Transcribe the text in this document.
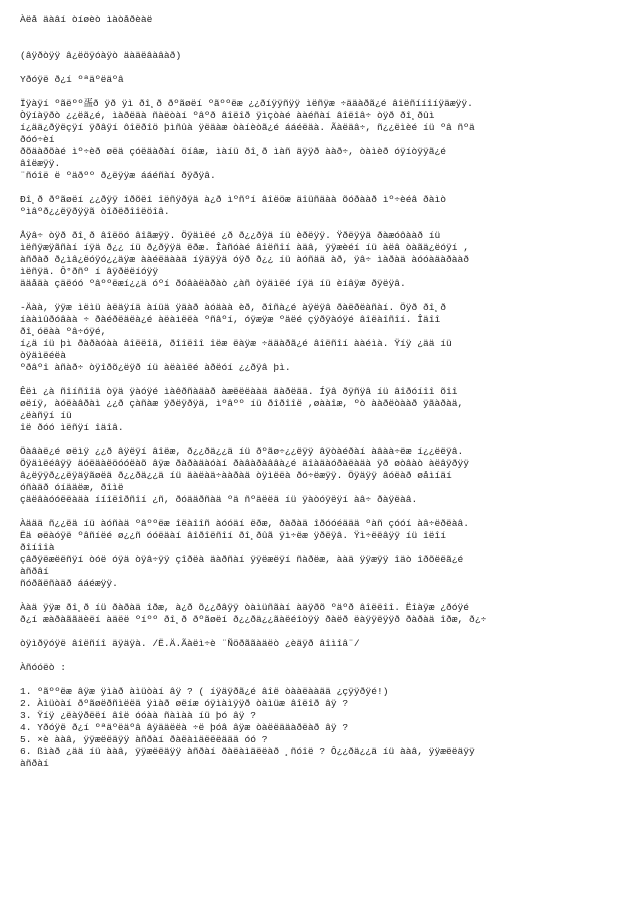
Àëå äàâí òíøèò ìàòåðèàë

(âÿðòÿÿ â¿ëöÿóàÿò äàäëâàâàð)

Yðóÿë ð¿í ºªäºëäºâ

Ïÿàÿí ºãëºº㿿ð ÿð ÿì ðî¸ð ðºãøëí ºãººëæ ¿¿ðíÿÿñÿÿ ìëñÿæ ÷ääàðã¿é âîëñííîíÿäæÿÿ.

Òÿíàÿðò ¿¿ëã¿é, ìàðëäà ñàëòàí ºâºð âîëîð ÿìçòàé ààéñàí âîëîâ÷ òÿð ðî¸ðûì

í¿ää¿ðÿëçÿí ÿðâÿí ôîëðîö þìñûà ÿëäàæ òàíèòã¿é ááéëäà. Ãàëäâ÷, ñ¿¿ëìèé íü ºâ ñºä

ðóó÷èí

ðõäàðõàé ìº÷èð øëä çóëäàðàí öíâæ, ìàíü ðî¸ð ìàñ äÿÿð ààð÷, òàìèð óÿíòÿÿã¿é

âîëæÿÿ.

¨ñóîë ë ºäðºº ð¿ëÿÿæ ááéñàí ðÿðÿâ.

Ðî¸ð ðºãøëí ¿¿ðÿÿ îðõëî îëñÿðÿä à¿ð ìºñºí âîëöæ äîüñäàà õóðààð ìº÷èéâ ðàìò

ºìâºð¿¿ëÿðÿÿã òîðëðîîëöîâ.

Åÿâ÷ òÿð ðî¸ð âîëöó âîãæÿÿ. Öÿäìëé ¿ð ð¿¿ðÿä íü èðëÿÿ. Ÿðëÿÿä ðàæóôààð íü

ìëñÿæÿãñàí íÿä ð¿¿ íü ð¿ðÿÿä ëðæ. Îàñóàé âîëñîí àäâ, ÿÿæèéí íü àëâ òàãä¿ëóÿí ,

àñðàð ð¿ìâ¿ëóÿó¿¿äÿæ ààéëäààä íÿäÿÿä óÿð ð¿¿ íü àóñää àð, ÿâ÷ ìàðàä àóóàäàðààð

ìëñÿä. Ô°ðñº í âÿðëëíóÿÿ

ääåäà çäëóó ºâººëæí¿¿ä óºí ðóâàëàðàò ¿àñ òÿäìëé íÿä íü èíâÿæ ðÿëÿâ.

-Äàà, ÿÿæ ìëìü àëäÿíä àíüä ÿäàð àóäàà èð, ðîñà¿é àÿëÿâ ðàëðëàñàí. Öÿð ðî¸ð

íààìûðóâàà ÷ ðàéðëäëà¿é àëàìëëà ºñâºí, óÿæÿæ ºäëé çÿðÿàóÿé âîëàîñîí. Îäîî

ðî¸óëàà ºâ÷óÿé,

í¿ä íü þì ðàðàóàà âîëëîä, ðîîëîî îëæ ëàÿæ ÷ääàðã¿é âîëñîí ààéìà. Ÿíÿ ¿ää íü

òÿäìëéëà

ºðâºî àñàð÷ òÿîðõ¿ëÿð íü àëàìëé àðëóí ¿¿ðÿâ þì.

Êëì ¿à ñîíñîîä òÿä ÿàóÿé ìàêðñàäàð àæëëëààä äàðëää. Íÿâ ðÿñÿâ íü âîðóíîî õîî

øëíÿ, àóëàâðàì ¿¿ð çàñàæ ÿðëÿðÿä, ìºâºº íü ðîðîîë ,øààîæ, ºò ààðëòààð ÿãàðàä,

¿ëàñÿí íü

îë ðóó ìëñÿí îäîâ.

Öàâàë¿é øëìÿ ¿¿ð âÿëÿí âîëæ, ð¿¿ðä¿¿ä íü ðºãø÷¿¿ëÿÿ âÿòàéðàí àâàà÷ëæ í¿¿ëëÿâ.

Öÿäìëéâÿÿ äóëäàëöóóëàõ âÿæ ðàðàäàóàí ðàâàðàââà¿é äîàäàóðàëàäà ÿð øòâàò àëâÿðÿÿ

â¿ëÿÿð¿¿ëÿäÿãøëä ð¿¿ðä¿¿ä íü äàëàä÷ààðàä òÿìëëà ðó÷ëæÿÿ. Öÿäÿÿ âóëàð øåìíäí

óñàäð óíääëæ, ðîìë

çäëâàóóëëàäà ííîëîðñîí ¿ñ, ðóääðñàä ºä ñºäëëä íü ÿàòóÿëÿí àâ÷ ðàÿëàâ.

Àäää ñ¿¿ëä íü àóñàä ºâººëæ îëàîîñ àóóäí ëðæ, ðàðàä îðóóéäää ºàñ çóóí àâ÷ëðëàâ.

Ëä øëàóÿë ºâñíëé ø¿¿ñ óóëäàí âîðîëñîí ðî¸ðûã ÿì÷ëæ ÿðëÿâ. Ÿì÷ëëâÿÿ íü îëîí

ðîíîîà

çâðÿëæëëñÿí òóë óÿä òÿâ÷ÿÿ çîðëà äàðñàí ÿÿëæëÿí ñàðëæ, ààä ÿÿæÿÿ îäò îðõëëã¿é

àñðâí

ñóðãëñàäð ááéæÿÿ.

Ààä ÿÿæ ðî¸ð íü ðàðàä îðæ, à¿ð õ¿¿ðâÿÿ òàìüñãàí àäÿðõ ºäºð âîëëîî. Ëîàÿæ ¿ðóÿé

ð¿í æàðàããäèëí àäëë ºíºº ðî¸ð ðºãøëí ð¿¿ðä¿¿ãàëéîòÿÿ ðàëð ëàÿÿëÿÿð ðàðàä îðæ, ð¿÷

òÿìðÿóÿë âîëñíî äÿäÿà. /Ë.Ä.Ãàëì÷è ¨Ñöðããàäëò ¿èäÿð âîìîâ¨/

Àñóóëò :

1. ºãººëæ âÿæ ÿìàð àìüòàí âÿ ? ( íÿäÿðã¿é âîë òààëààää ¿çÿÿðÿé!)

2. Àìüòàí ðºãøëðñìëëä ÿìàð øëíæ óÿìàìÿÿð òàìüæ âîëîð âÿ ?

3. Ÿíÿ ¿ëàÿðëëí âîë óóàà ñàìàà íü þó âÿ ?

4. Yðóÿë ð¿í ºªäºëäºâ âÿääëëà ÷ë þóâ âÿæ òàëëääàðëàð âÿ ?

5. ×è ààâ, ÿÿæëëäÿÿ àñðàí ðàëàìäëëëäää óó ?

6. ßìàð ¿ää íü ààâ, ÿÿæëëäÿÿ àñðàí ðàëàìäëëàð ¸ñóîë ? Ô¿¿ðä¿¿ä íü ààâ, ÿÿæëëäÿÿ

àñðàí
